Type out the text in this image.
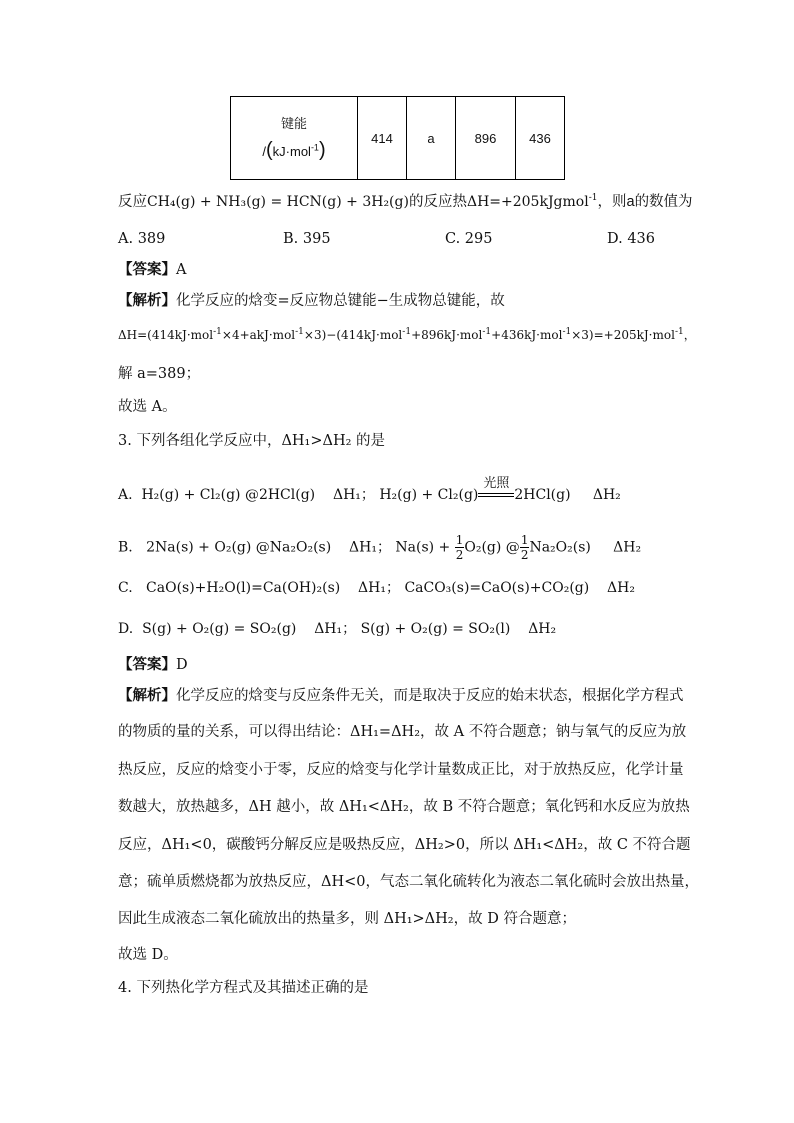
键能
/(kJ·mol$^{-1}$)
	414	a	896	436
反应CH₄(g) + NH₃(g) = HCN(g) + 3H₂(g)的反应热ΔH=+205kJgmol$^{-1}$，则a的数值为
A. 389	B. 395	C. 295	D. 436
【答案】A
【解析】化学反应的焓变=反应物总键能−生成物总键能，故
ΔH=(414kJ·mol$^{-1}$×4+akJ·mol$^{-1}$×3)−(414kJ·mol$^{-1}$+896kJ·mol$^{-1}$+436kJ·mol$^{-1}$×3)=+205kJ·mol$^{-1}$，
解 a=389；
故选 A。
3. 下列各组化学反应中，ΔH₁>ΔH₂ 的是
A. H₂(g) + Cl₂(g) @2HCl(g) ΔH₁； H₂(g) + Cl₂(g)
光照
2HCl(g) ΔH₂
B. 2Na(s) + O₂(g) @Na₂O₂(s) ΔH₁； $Na(s) + \frac{1}{2} O_2(g)$ @ $\frac{1}{2} Na_2O_2(s)$ ΔH₂
C. CaO(s)+H₂O(l)=Ca(OH)₂(s) ΔH₁； CaCO₃(s)=CaO(s)+CO₂(g) ΔH₂
D. S(g) + O₂(g) = SO₂(g) ΔH₁； S(g) + O₂(g) = SO₂(l) ΔH₂
【答案】D
【解析】化学反应的焓变与反应条件无关，而是取决于反应的始末状态，根据化学方程式
的物质的量的关系，可以得出结论：ΔH₁=ΔH₂，故 A 不符合题意；钠与氧气的反应为放
热反应，反应的焓变小于零，反应的焓变与化学计量数成正比，对于放热反应，化学计量
数越大，放热越多，ΔH 越小，故 ΔH₁<ΔH₂，故 B 不符合题意；氧化钙和水反应为放热
反应，ΔH₁<0，碳酸钙分解反应是吸热反应，ΔH₂>0，所以 ΔH₁<ΔH₂，故 C 不符合题
意；硫单质燃烧都为放热反应，ΔH<0，气态二氧化硫转化为液态二氧化硫时会放出热量，
因此生成液态二氧化硫放出的热量多，则 ΔH₁>ΔH₂，故 D 符合题意；
故选 D。
4. 下列热化学方程式及其描述正确的是
